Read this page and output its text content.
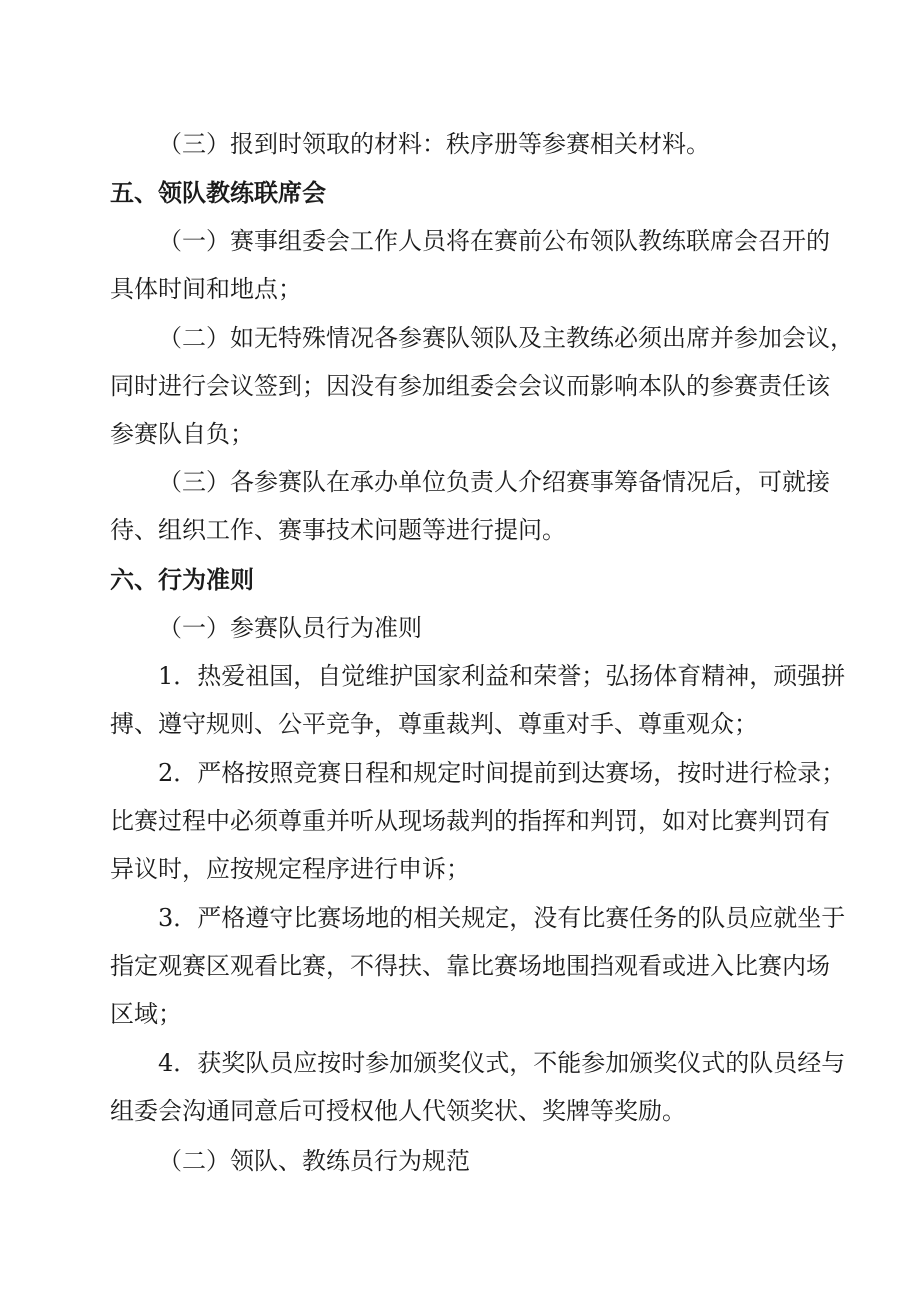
（三）报到时领取的材料：秩序册等参赛相关材料。
五、领队教练联席会
（一）赛事组委会工作人员将在赛前公布领队教练联席会召开的
具体时间和地点；
（二）如无特殊情况各参赛队领队及主教练必须出席并参加会议，
同时进行会议签到；因没有参加组委会会议而影响本队的参赛责任该
参赛队自负；
（三）各参赛队在承办单位负责人介绍赛事筹备情况后，可就接
待、组织工作、赛事技术问题等进行提问。
六、行为准则
（一）参赛队员行为准则
1．热爱祖国，自觉维护国家利益和荣誉；弘扬体育精神，顽强拼
搏、遵守规则、公平竞争，尊重裁判、尊重对手、尊重观众；
2．严格按照竞赛日程和规定时间提前到达赛场，按时进行检录；
比赛过程中必须尊重并听从现场裁判的指挥和判罚，如对比赛判罚有
异议时，应按规定程序进行申诉；
3．严格遵守比赛场地的相关规定，没有比赛任务的队员应就坐于
指定观赛区观看比赛，不得扶、靠比赛场地围挡观看或进入比赛内场
区域；
4．获奖队员应按时参加颁奖仪式，不能参加颁奖仪式的队员经与
组委会沟通同意后可授权他人代领奖状、奖牌等奖励。
（二）领队、教练员行为规范
